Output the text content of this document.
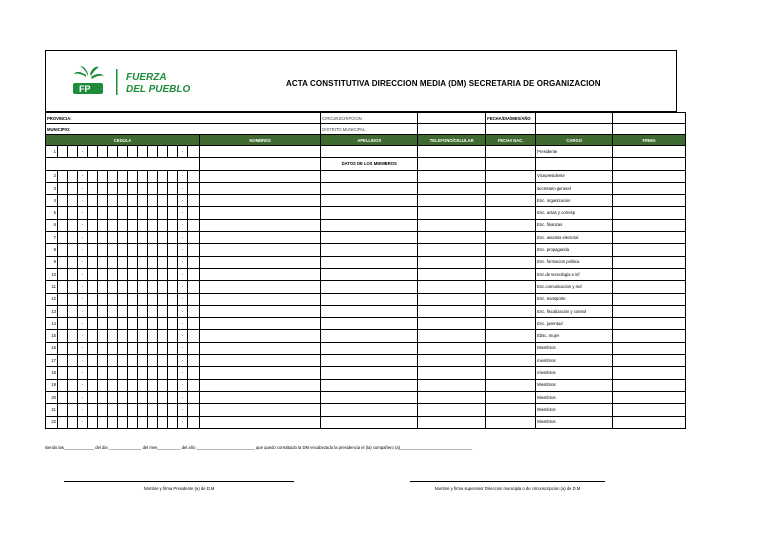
FP
FUERZA
DEL PUEBLO
ACTA CONSTITUTIVA DIRECCION MEDIA (DM) SECRETARIA DE ORGANIZACION
PROVINCIA:																CIRCUNSCRIPCION		FECHA/DIA/MES/AÑO		
MUNICIPIO:																DISTRITO MUNICIPAL				
CEDULA															NOMBRES	APELLIDOS	TELEFONO/CELULAR	FECHA NAC.	CARGO	FIRMA
1			-										-						Presidente	
																DATOS DE LOS MIEMBROS				
2			-										-						Vicepresidente	
3			-										-						secretario general	
4			-										-						Enc. organizacion	
5			-										-						Enc. actas y corresp	
6			-										-						Enc. finanzas	
7			-										-						Enc. asuntos electoral	
8			-										-						Enc. propaganda	
9			-										-						Enc. formacion politica	
10			-										-						Enc.de tecnologia e inf	
11			-										-						Enc.comunicacion y red	
12			-										-						Enc. transporte	
13			-										-						Enc. fiscalizacion y control	
14			-										-						Enc. juventud	
15			-										-						Ebsc. mujer	
16			-										-						Miembros	
17			-										-						miembros	
18			-										-						miembros	
19			-										-						Miembros	
20			-										-						Miembros	
21			-										-						Miembros	
22			-										-						Miembros	
siendo las_____________ del dia ______________ del mes__________ del año _________________________ que quedo constituido la DM encabezado la presidencia el (la) compañero (a)_______________________________
Nombre y firma Presidente (a) de D.M	Nombre y firma supervisor Direccion municipla o de circunscripcion (a) de D.M
